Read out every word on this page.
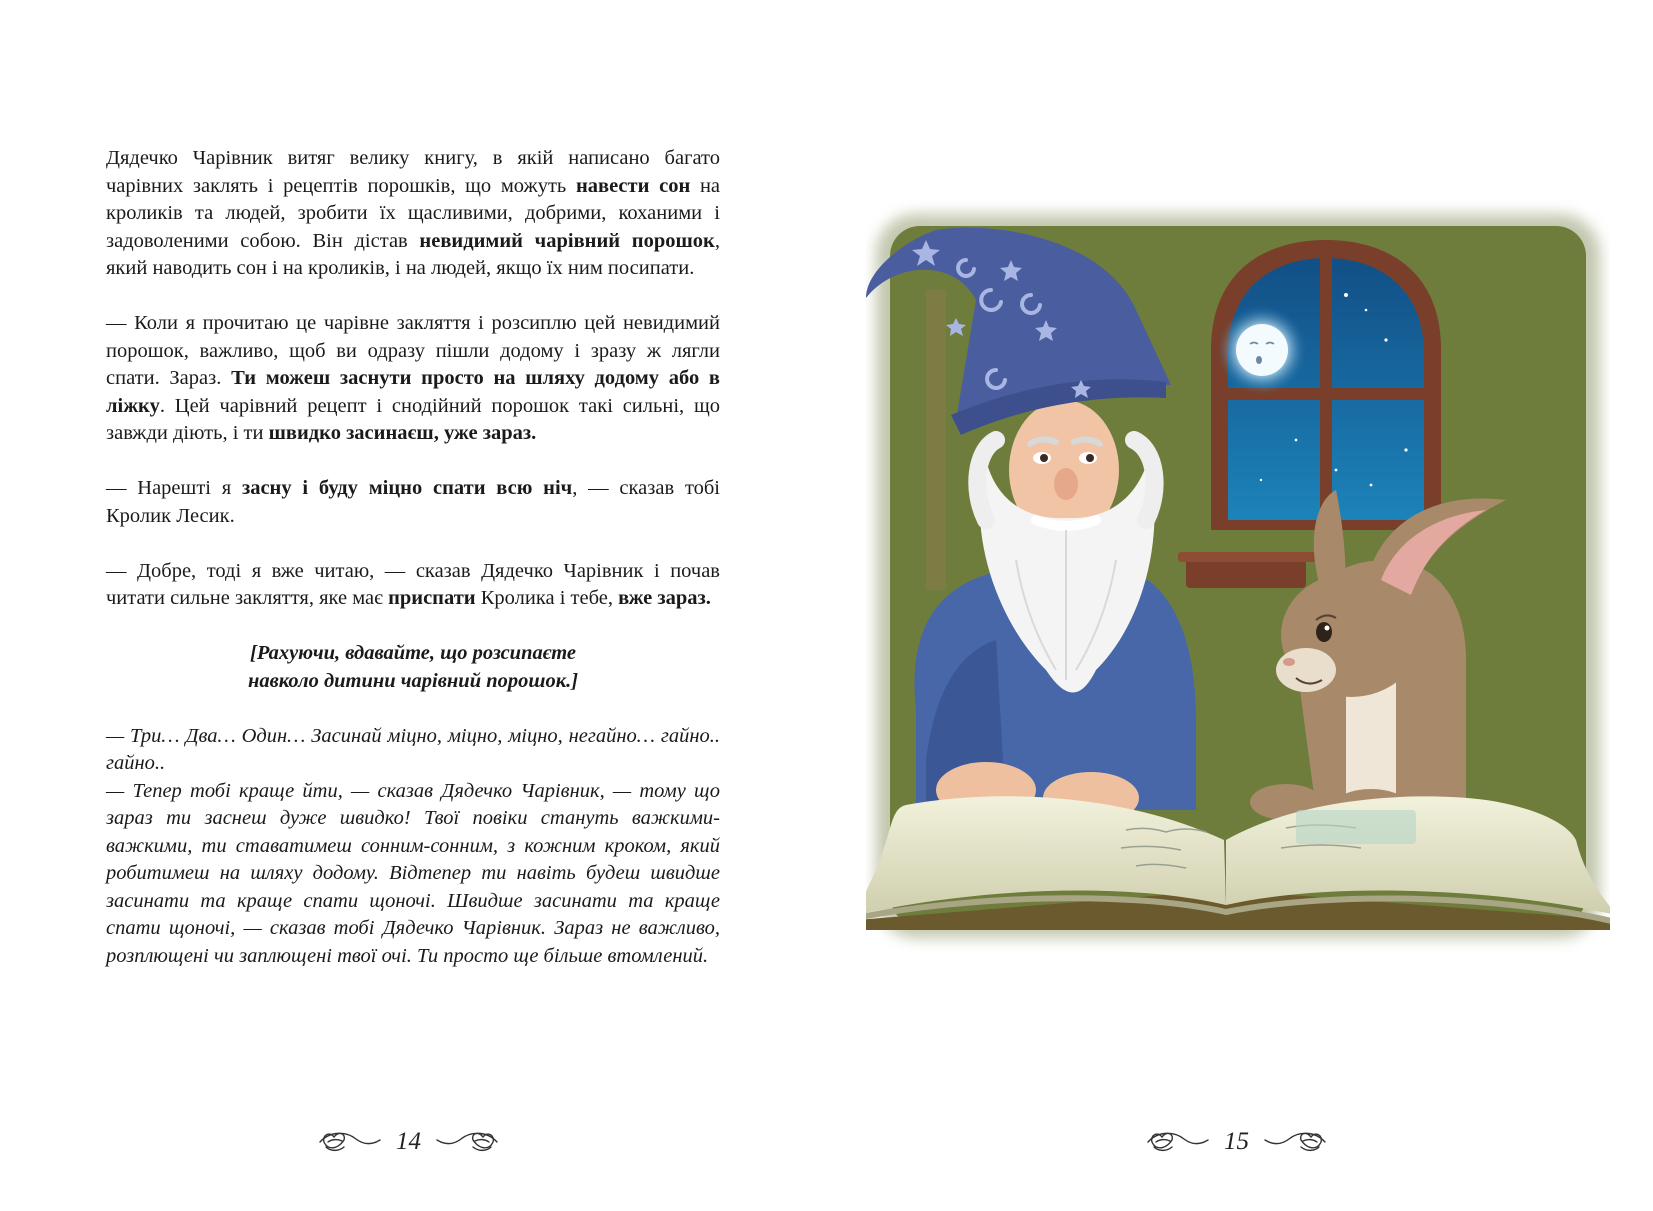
Дядечко Чарівник витяг велику книгу, в якій написано багато чарівних заклять і рецептів порошків, що можуть навести сон на кроликів та людей, зробити їх щасливими, добрими, коханими і задоволеними собою. Він дістав невидимий чарівний порошок, який наводить сон і на кроликів, і на людей, якщо їх ним посипати.

— Коли я прочитаю це чарівне закляття і розсиплю цей невидимий порошок, важливо, щоб ви одразу пішли додому і зразу ж лягли спати. Зараз. Ти можеш заснути просто на шляху додому або в ліжку. Цей чарівний рецепт і снодійний порошок такі сильні, що завжди діють, і ти швидко засинаєш, уже зараз.

— Нарешті я засну і буду міцно спати всю ніч, — сказав тобі Кролик Лесик.

— Добре, тоді я вже читаю, — сказав Дядечко Чарівник і почав читати сильне закляття, яке має приспати Кролика і тебе, вже зараз.

[Рахуючи, вдавайте, що розсипаєте
навколо дитини чарівний порошок.]

— Три… Два… Один… Засинай міцно, міцно, міцно, негайно… гайно.. гайно..

— Тепер тобі краще йти, — сказав Дядечко Чарівник, — тому що зараз ти заснеш дуже швидко! Твої повіки стануть важкими-важкими, ти ставатимеш сонним-сонним, з кожним кроком, який робитимеш на шляху додому. Відтепер ти навіть будеш швидше засинати та краще спати щоночі. Швидше засинати та краще спати щоночі, — сказав тобі Дядечко Чарівник. Зараз не важливо, розплющені чи заплющені твої очі. Ти просто ще більше втомлений.

14	15
